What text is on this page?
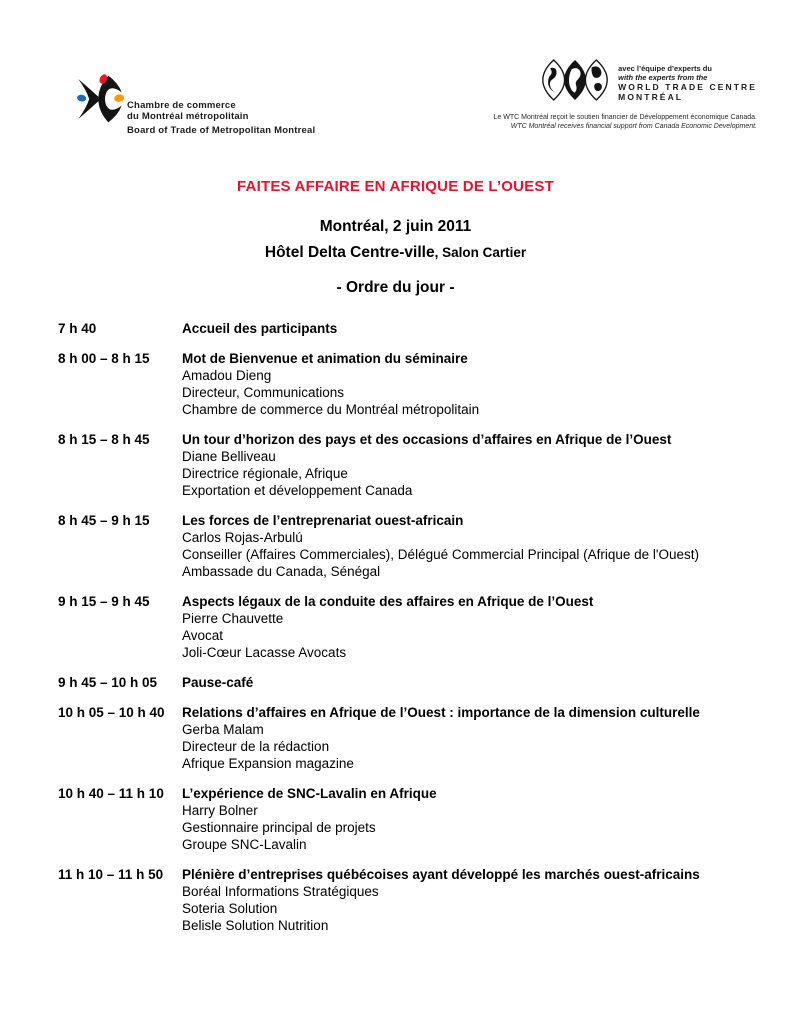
Chambre de commerce
du Montréal métropolitain
Board of Trade of Metropolitan Montreal
avec l’équipe d’experts du
with the experts from the
WORLD TRADE CENTRE
MONTRÉAL
Le WTC Montréal reçoit le soutien financier de Développement économique Canada.
WTC Montréal receives financial support from Canada Economic Development.
FAITES AFFAIRE EN AFRIQUE DE L’OUEST
Montréal, 2 juin 2011
Hôtel Delta Centre-ville, Salon Cartier
- Ordre du jour -
7 h 40	Accueil des participants
8 h 00 – 8 h 15	Mot de Bienvenue et animation du séminaire
Amadou Dieng
Directeur, Communications
Chambre de commerce du Montréal métropolitain
8 h 15 – 8 h 45	Un tour d’horizon des pays et des occasions d’affaires en Afrique de l’Ouest
Diane Belliveau
Directrice régionale, Afrique
Exportation et développement Canada
8 h 45 – 9 h 15	Les forces de l’entreprenariat ouest-africain
Carlos Rojas-Arbulú
Conseiller (Affaires Commerciales), Délégué Commercial Principal (Afrique de l'Ouest)
Ambassade du Canada, Sénégal
9 h 15 – 9 h 45	Aspects légaux de la conduite des affaires en Afrique de l’Ouest
Pierre Chauvette
Avocat
Joli-Cœur Lacasse Avocats
9 h 45 – 10 h 05	Pause-café
10 h 05 – 10 h 40	Relations d’affaires en Afrique de l’Ouest : importance de la dimension culturelle
Gerba Malam
Directeur de la rédaction
Afrique Expansion magazine
10 h 40 – 11 h 10	L’expérience de SNC-Lavalin en Afrique
Harry Bolner
Gestionnaire principal de projets
Groupe SNC-Lavalin
11 h 10 – 11 h 50	Plénière d’entreprises québécoises ayant développé les marchés ouest-africains
Boréal Informations Stratégiques
Soteria Solution
Belisle Solution Nutrition
